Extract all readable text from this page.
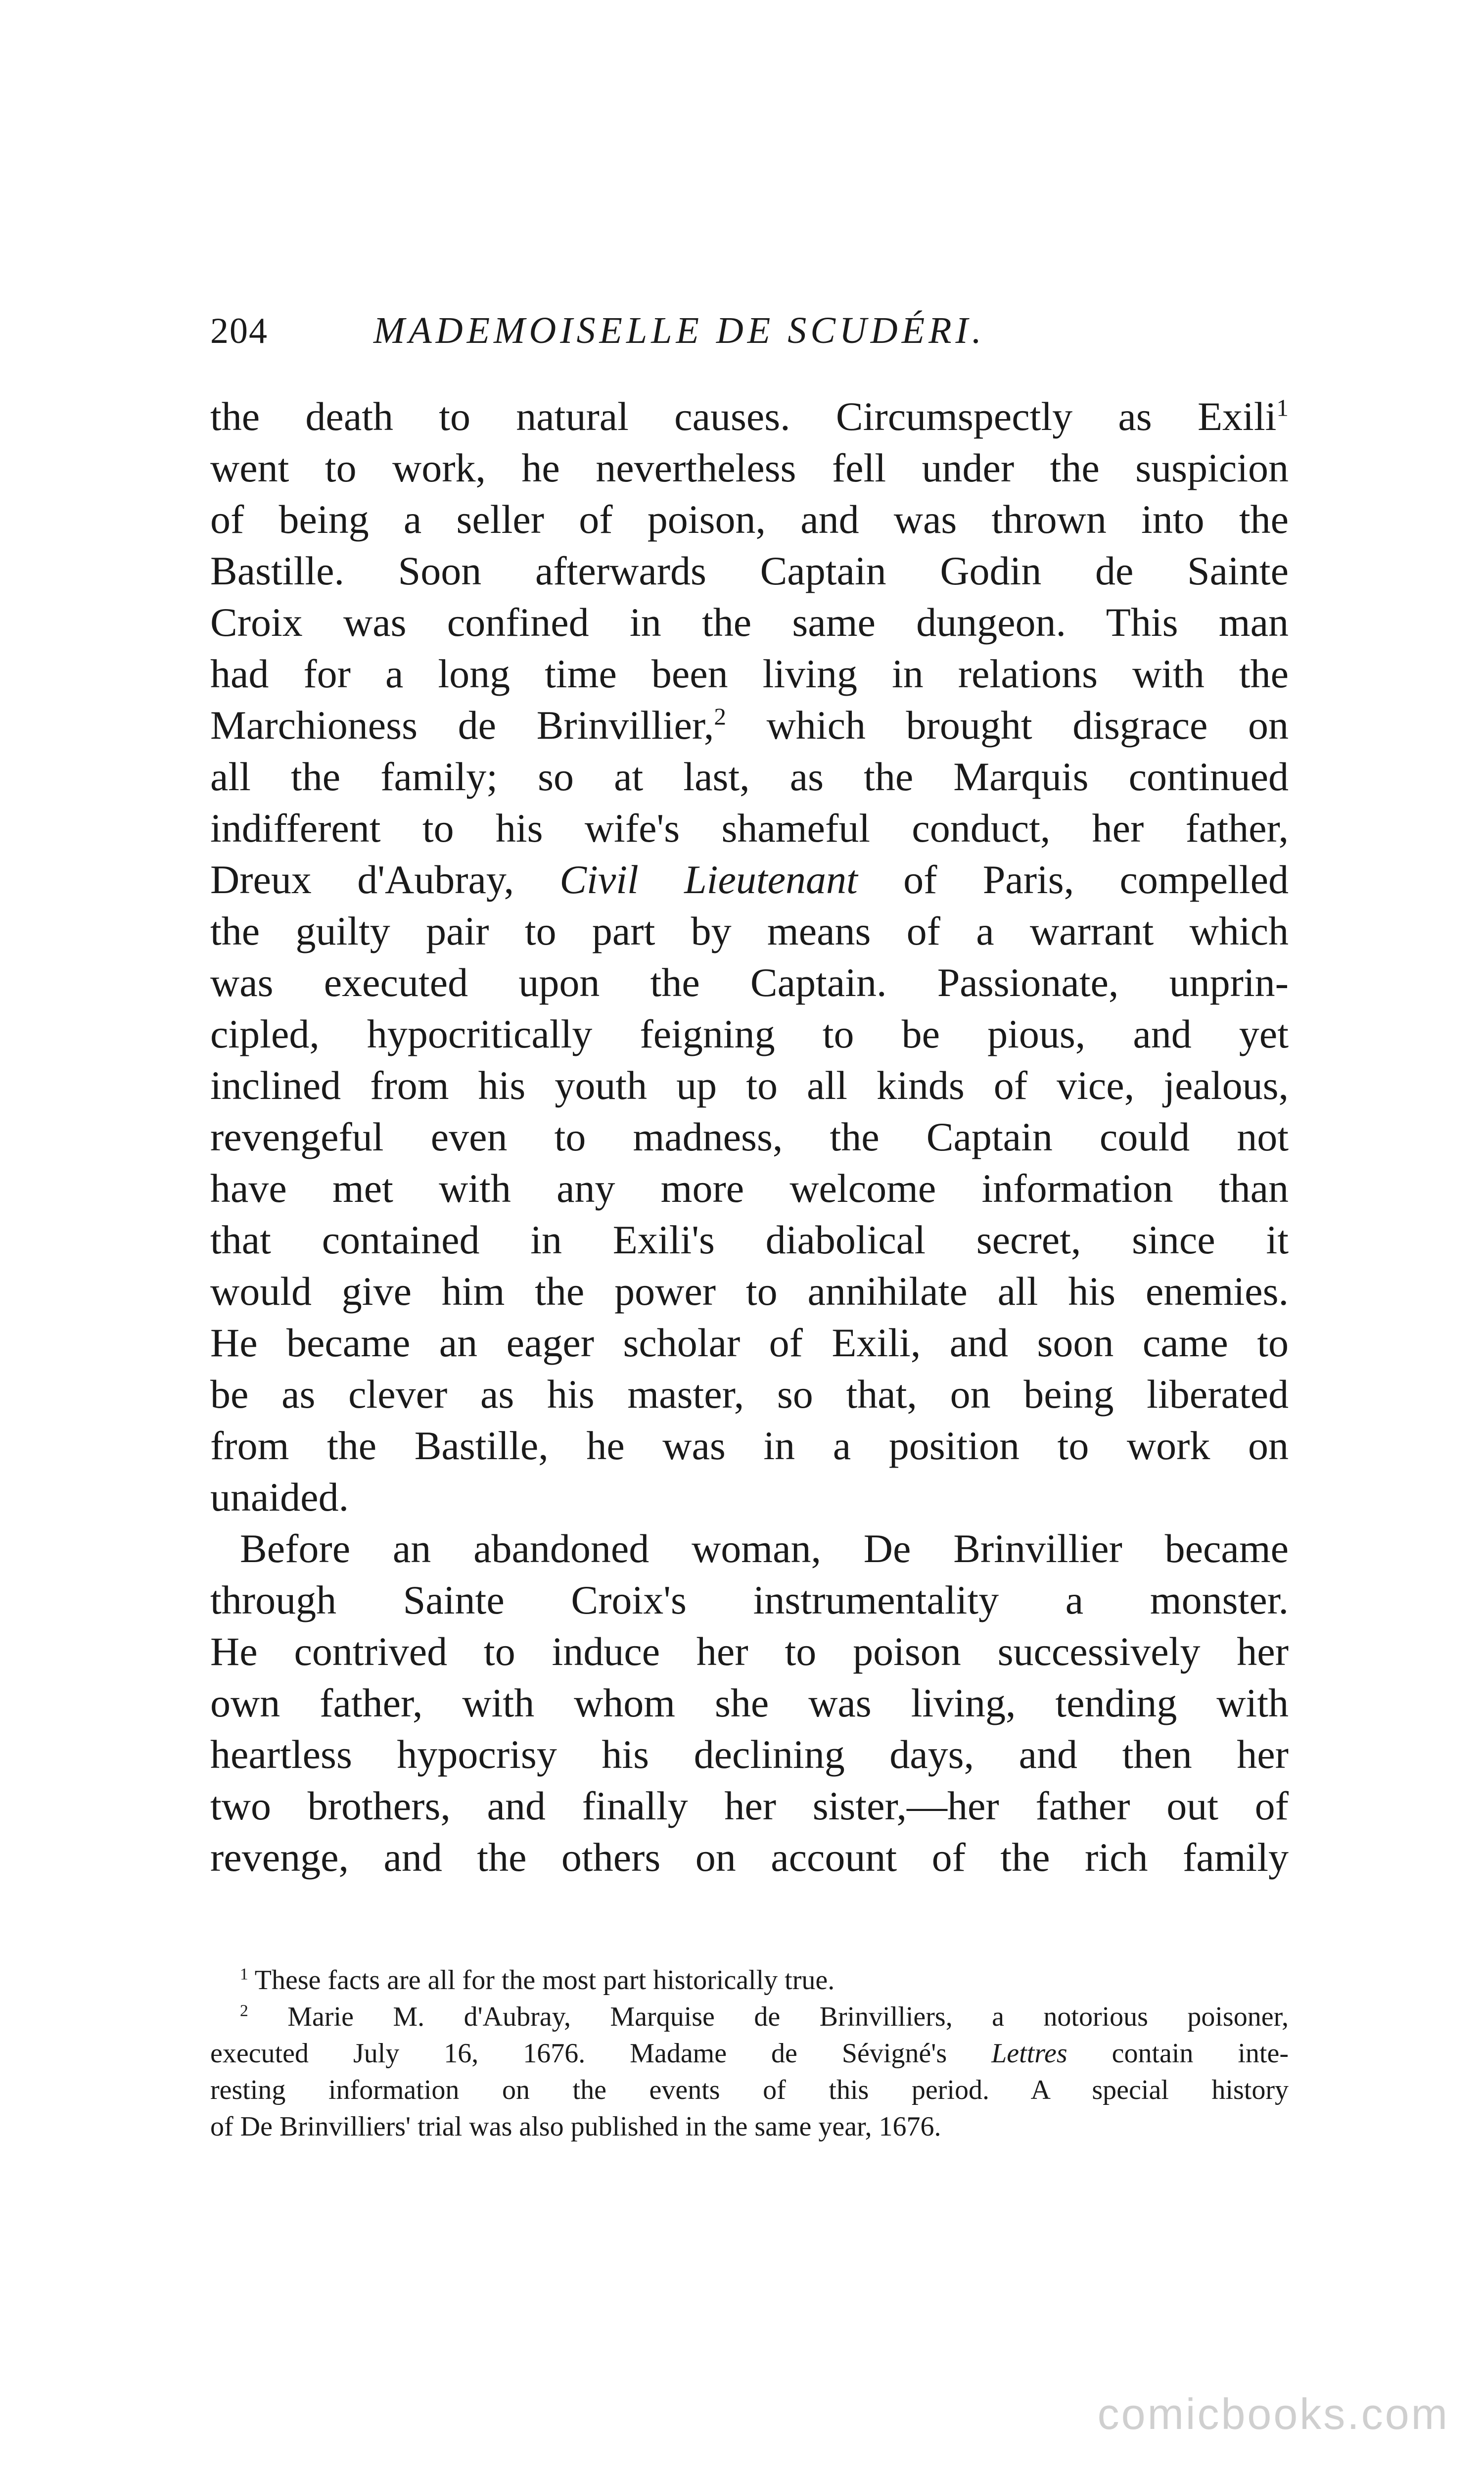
204	MADEMOISELLE DE SCUDÉRI.
the death to natural causes. Circumspectly as Exili$^1$
went to work, he nevertheless fell under the suspicion
of being a seller of poison, and was thrown into the
Bastille. Soon afterwards Captain Godin de Sainte
Croix was confined in the same dungeon. This man
had for a long time been living in relations with the
Marchioness de Brinvillier,$^2$ which brought disgrace on
all the family; so at last, as the Marquis continued
indifferent to his wife's shameful conduct, her father,
Dreux d'Aubray, Civil Lieutenant of Paris, compelled
the guilty pair to part by means of a warrant which
was executed upon the Captain. Passionate, unprin-
cipled, hypocritically feigning to be pious, and yet
inclined from his youth up to all kinds of vice, jealous,
revengeful even to madness, the Captain could not
have met with any more welcome information than
that contained in Exili's diabolical secret, since it
would give him the power to annihilate all his enemies.
He became an eager scholar of Exili, and soon came to
be as clever as his master, so that, on being liberated
from the Bastille, he was in a position to work on
unaided.
Before an abandoned woman, De Brinvillier became
through Sainte Croix's instrumentality a monster.
He contrived to induce her to poison successively her
own father, with whom she was living, tending with
heartless hypocrisy his declining days, and then her
two brothers, and finally her sister,—her father out of
revenge, and the others on account of the rich family
$^1$ These facts are all for the most part historically true.
$^2$ Marie M. d'Aubray, Marquise de Brinvilliers, a notorious poisoner,
executed July 16, 1676. Madame de Sévigné's Lettres contain inte-
resting information on the events of this period. A special history
of De Brinvilliers' trial was also published in the same year, 1676.
comicbooks.com
